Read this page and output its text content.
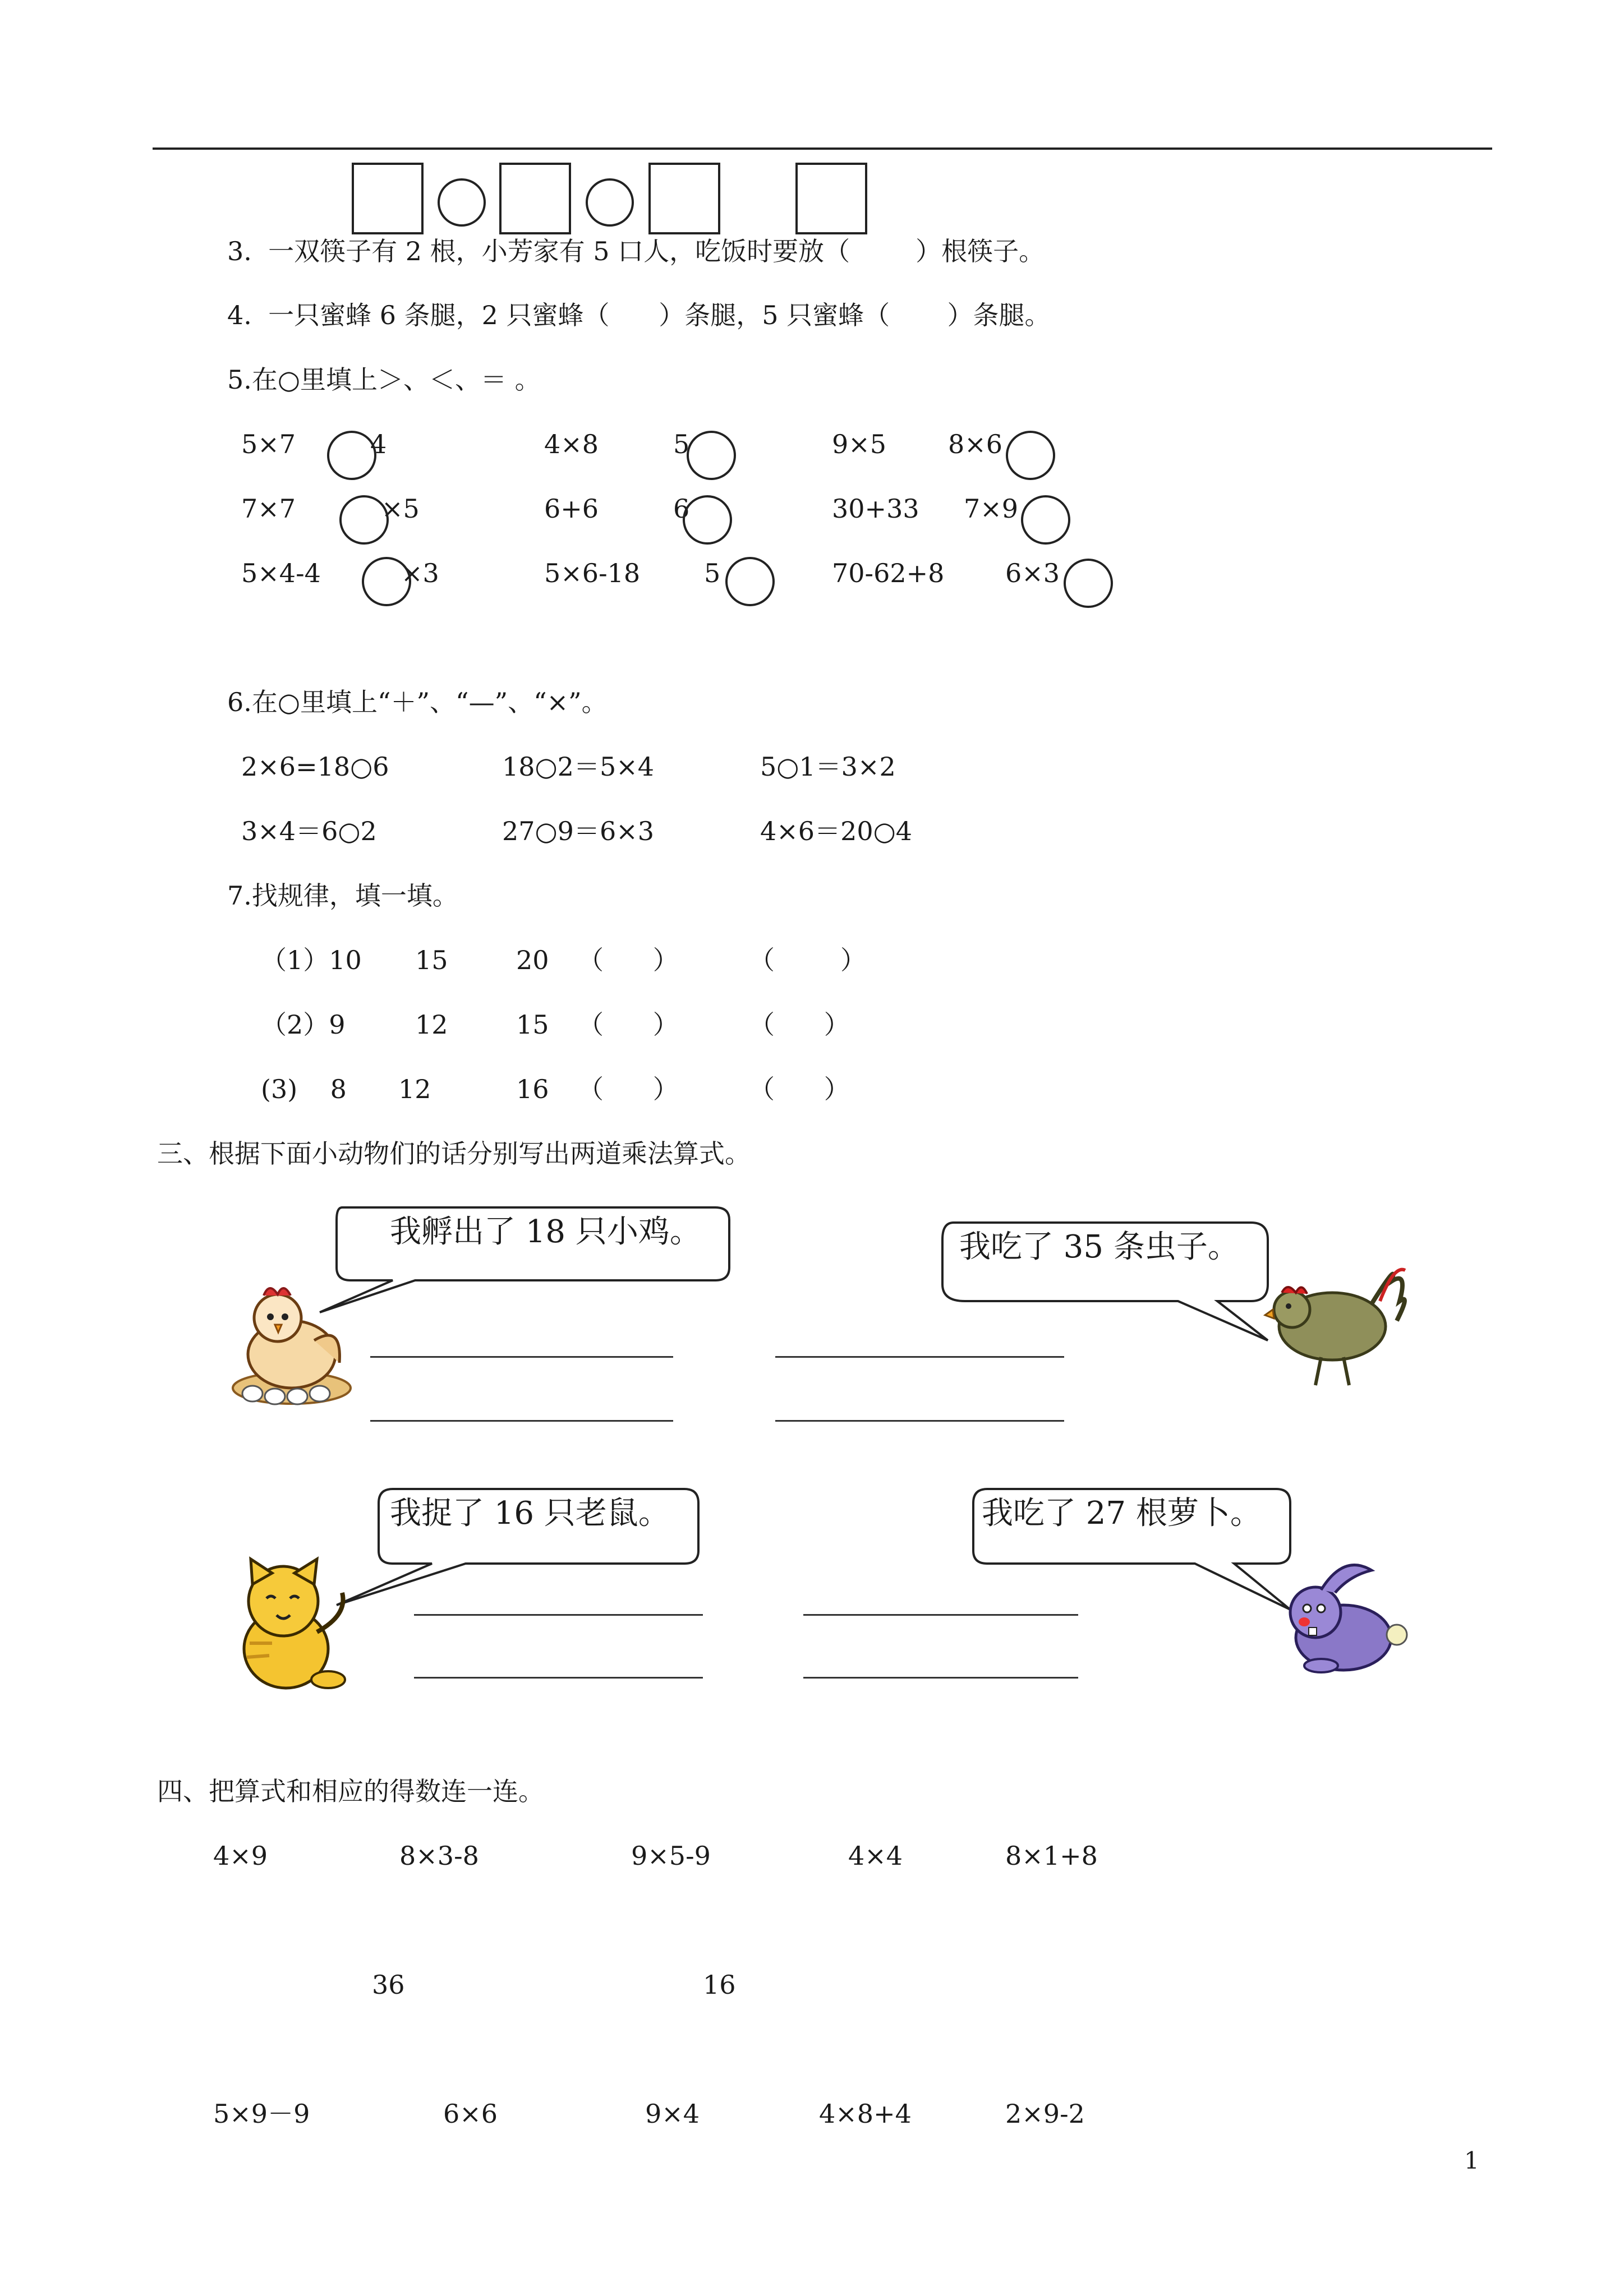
3.  一双筷子有 2 根，小芳家有 5 口人，吃饭时要放（        ）根筷子。
4.  一只蜜蜂 6 条腿，2 只蜜蜂（      ）条腿，5 只蜜蜂（       ）条腿。
5.在○里填上＞、＜、＝ 。
5×7	4	4×8	5	9×5 8×6
7×7	×5	6+6	6	30+33 7×9
5×4-4	×3	5×6-18 5	70-62+8 6×3
6.在○里填上“＋”、“—”、“×”。
2×6=18○6	18○2＝5×4	5○1＝3×2
3×4＝6○2	27○9＝6×3	4×6＝20○4
7.找规律，填一填。
（1）10 15	20 （      ）	（        ）
（2）9	12	15 （      ）	（      ）
(3)    8 12	16 （      ）	（      ）
三、根据下面小动物们的话分别写出两道乘法算式。
我孵出了 18 只小鸡。	我吃了 35 条虫子。
我捉了 16 只老鼠。	我吃了 27 根萝卜。
四、把算式和相应的得数连一连。
4×9	8×3-8	9×5-9	4×4	8×1+8
36	16
5×9－9	6×6	9×4	4×8+4	2×9-2
1
